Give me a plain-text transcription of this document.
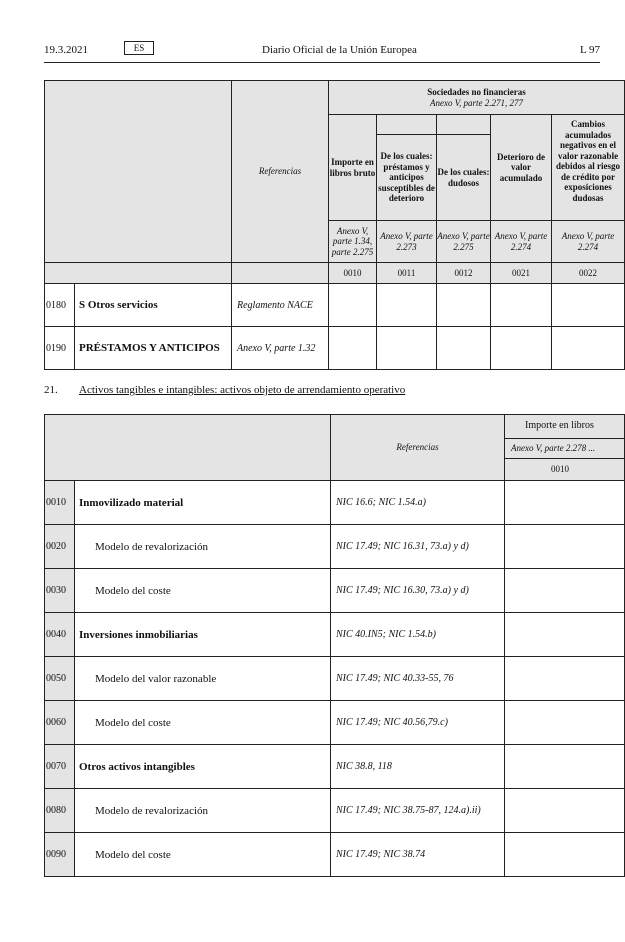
19.3.2021	ES	Diario Oficial de la Unión Europea	L 97
		Referencias	Sociedades no financieras
Anexo V, parte 2.271, 277				

			Importe en libros bruto			Deterioro de valor acumulado	Cambios acumulados negativos en el valor razonable debidos al riesgo de crédito por exposiciones dudosas
				De los cuales: préstamos y anticipos susceptibles de deterioro	De los cuales: dudosos		
			Anexo V, parte 1.34, parte 2.275	Anexo V, parte 2.273	Anexo V, parte 2.275	Anexo V, parte 2.274	Anexo V, parte 2.274
			0010	0011	0012	0021	0022
0180	S Otros servicios	Reglamento NACE					
0190	PRÉSTAMOS Y ANTICIPOS	Anexo V, parte 1.32					
21. Activos tangibles e intangibles: activos objeto de arrendamiento operativo
		Referencias	Importe en libros
			Anexo V, parte 2.278 ...
			0010
0010	Inmovilizado material	NIC 16.6; NIC 1.54.a)	
0020	Modelo de revalorización	NIC 17.49; NIC 16.31, 73.a) y d)	
0030	Modelo del coste	NIC 17.49; NIC 16.30, 73.a) y d)	
0040	Inversiones inmobiliarias	NIC 40.IN5; NIC 1.54.b)	
0050	Modelo del valor razonable	NIC 17.49; NIC 40.33-55, 76	
0060	Modelo del coste	NIC 17.49; NIC 40.56,79.c)	
0070	Otros activos intangibles	NIC 38.8, 118	
0080	Modelo de revalorización	NIC 17.49; NIC 38.75-87, 124.a).ii)	
0090	Modelo del coste	NIC 17.49; NIC 38.74	
